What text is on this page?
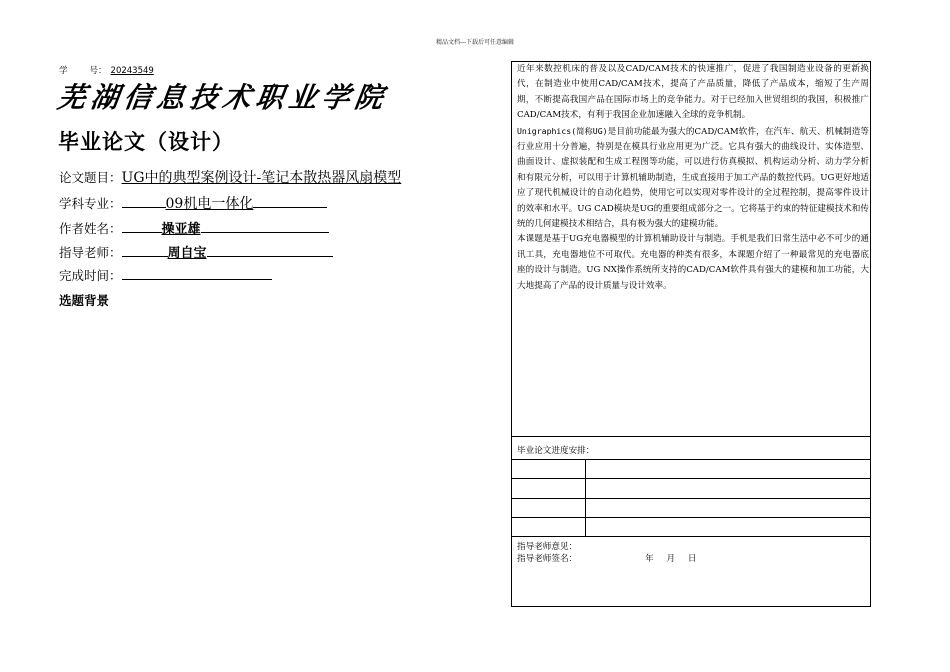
精品文档---下载后可任意编辑
学	号： 20243549
芜湖信息技术职业学院
毕业论文（设计）
论文题目：UG中的典型案例设计-笔记本散热器风扇模型
学科专业：	09机电一体化
作者姓名：	操亚雄
指导老师：	周自宝
完成时间：
选题背景

近年来数控机床的普及以及CAD/CAM技术的快速推广，促进了我国制造业设备的更新换代，在制造业中使用CAD/CAM技术，提高了产品质量，降低了产品成本，缩短了生产周期，不断提高我国产品在国际市场上的竞争能力。对于已经加入世贸组织的我国，积极推广CAD/CAM技术，有利于我国企业加速融入全球的竞争机制。

Unigraphics(简称UG)是目前功能最为强大的CAD/CAM软件，在汽车、航天、机械制造等行业应用十分普遍，特别是在模具行业应用更为广泛。它具有强大的曲线设计、实体造型、曲面设计、虚拟装配和生成工程图等功能，可以进行仿真模拟、机构运动分析、动力学分析和有限元分析，可以用于计算机辅助制造，生成直接用于加工产品的数控代码。UG更好地适应了现代机械设计的自动化趋势，使用它可以实现对零件设计的全过程控制，提高零件设计的效率和水平。UG CAD模块是UG的重要组成部分之一。它将基于约束的特征建模技术和传统的几何建模技术相结合，具有极为强大的建模功能。

本课题是基于UG充电器模型的计算机辅助设计与制造。手机是我们日常生活中必不可少的通讯工具，充电器地位不可取代。充电器的种类有很多，本课题介绍了一种最常见的充电器底座的设计与制造。UG NX操作系统所支持的CAD/CAM软件具有强大的建模和加工功能，大大地提高了产品的设计质量与设计效率。

毕业论文进度安排：

指导老师意见：
指导老师签名：	年 月 日
